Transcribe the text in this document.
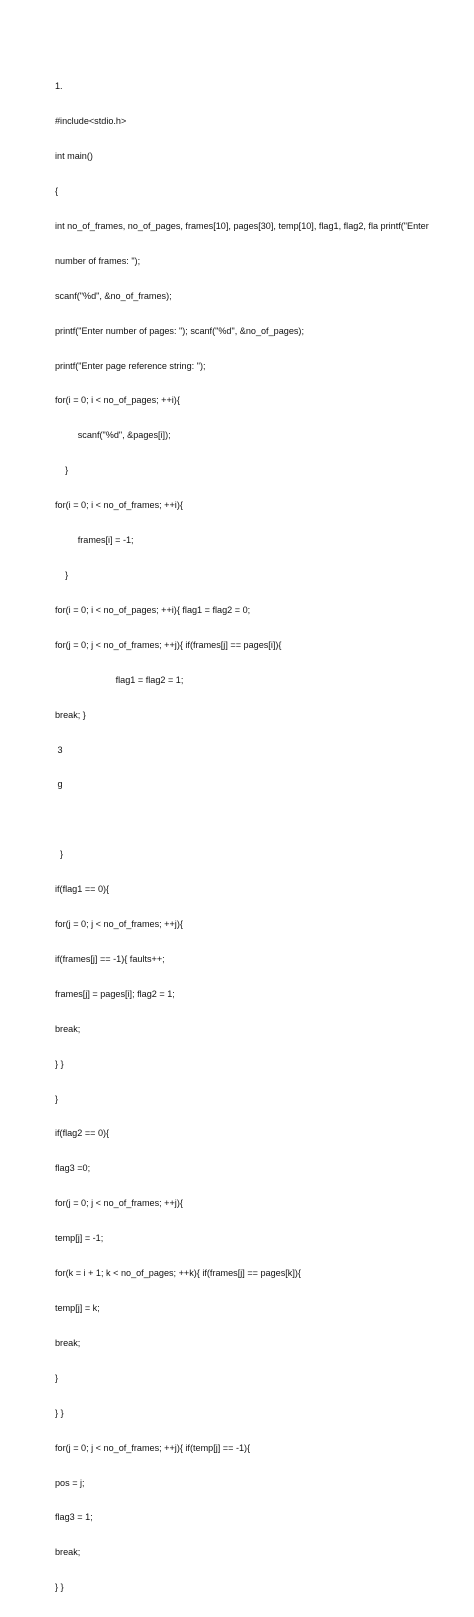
1.

#include<stdio.h>

int main()

{

int no_of_frames, no_of_pages, frames[10], pages[30], temp[10], flag1, flag2, fla printf("Enter

number of frames: ");

scanf("%d", &no_of_frames);

printf("Enter number of pages: "); scanf("%d", &no_of_pages);

printf("Enter page reference string: ");

for(i = 0; i < no_of_pages; ++i){

scanf("%d", &pages[i]);

}

for(i = 0; i < no_of_frames; ++i){

frames[i] = -1;

}

for(i = 0; i < no_of_pages; ++i){ flag1 = flag2 = 0;

for(j = 0; j < no_of_frames; ++j){ if(frames[j] == pages[i]){

flag1 = flag2 = 1;

break; }

3

g

}

if(flag1 == 0){

for(j = 0; j < no_of_frames; ++j){

if(frames[j] == -1){ faults++;

frames[j] = pages[i]; flag2 = 1;

break;

} }

}

if(flag2 == 0){

flag3 =0;

for(j = 0; j < no_of_frames; ++j){

temp[j] = -1;

for(k = i + 1; k < no_of_pages; ++k){ if(frames[j] == pages[k]){

temp[j] = k;

break;

}

} }

for(j = 0; j < no_of_frames; ++j){ if(temp[j] == -1){

pos = j;

flag3 = 1;

break;

} }
